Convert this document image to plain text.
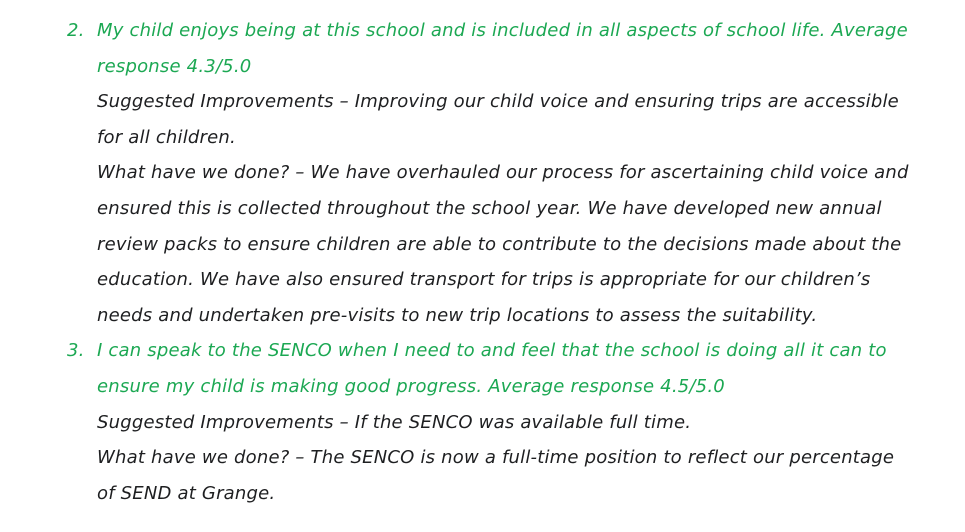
2. My child enjoys being at this school and is included in all aspects of school life. Average response 4.3/5.0

Suggested Improvements – Improving our child voice and ensuring trips are accessible for all children.

What have we done? – We have overhauled our process for ascertaining child voice and ensured this is collected throughout the school year. We have developed new annual review packs to ensure children are able to contribute to the decisions made about the education. We have also ensured transport for trips is appropriate for our children’s needs and undertaken pre-visits to new trip locations to assess the suitability.

3. I can speak to the SENCO when I need to and feel that the school is doing all it can to ensure my child is making good progress. Average response 4.5/5.0

Suggested Improvements – If the SENCO was available full time.

What have we done? – The SENCO is now a full-time position to reflect our percentage of SEND at Grange.
